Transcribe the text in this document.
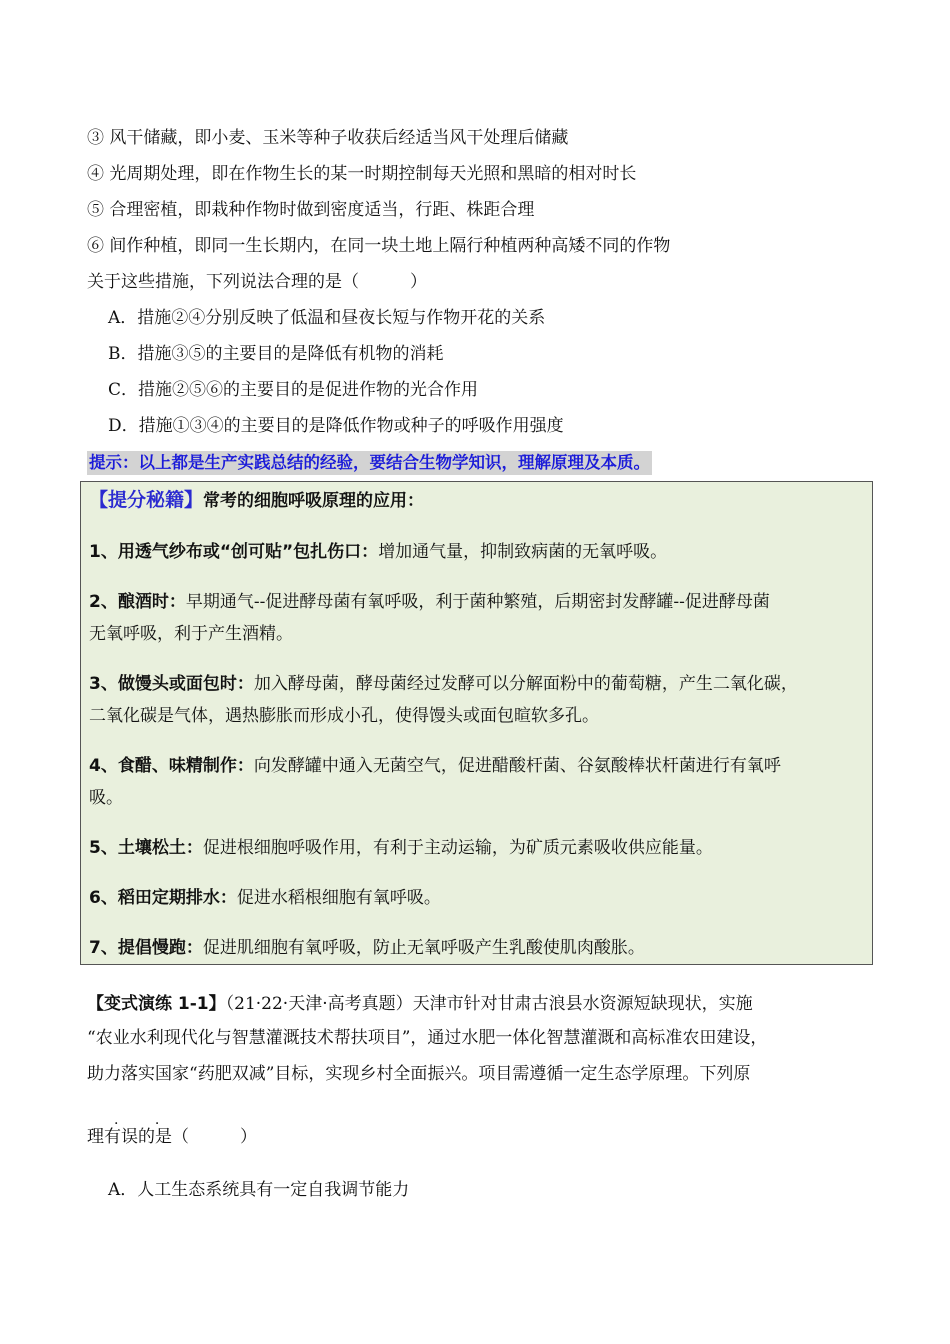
③ 风干储藏，即小麦、玉米等种子收获后经适当风干处理后储藏
④ 光周期处理，即在作物生长的某一时期控制每天光照和黑暗的相对时长
⑤ 合理密植，即栽种作物时做到密度适当，行距、株距合理
⑥ 间作种植，即同一生长期内，在同一块土地上隔行种植两种高矮不同的作物
关于这些措施，下列说法合理的是（　　　）
A．措施②④分别反映了低温和昼夜长短与作物开花的关系
B．措施③⑤的主要目的是降低有机物的消耗
C．措施②⑤⑥的主要目的是促进作物的光合作用
D．措施①③④的主要目的是降低作物或种子的呼吸作用强度
提示：以上都是生产实践总结的经验，要结合生物学知识，理解原理及本质。
【提分秘籍】常考的细胞呼吸原理的应用：
1、用透气纱布或“创可贴”包扎伤口：增加通气量，抑制致病菌的无氧呼吸。
2、酿酒时：早期通气--促进酵母菌有氧呼吸，利于菌种繁殖，后期密封发酵罐--促进酵母菌
无氧呼吸，利于产生酒精。
3、做馒头或面包时：加入酵母菌，酵母菌经过发酵可以分解面粉中的葡萄糖，产生二氧化碳，
二氧化碳是气体，遇热膨胀而形成小孔，使得馒头或面包暄软多孔。
4、食醋、味精制作：向发酵罐中通入无菌空气，促进醋酸杆菌、谷氨酸棒状杆菌进行有氧呼
吸。
5、土壤松土：促进根细胞呼吸作用，有利于主动运输，为矿质元素吸收供应能量。
6、稻田定期排水：促进水稻根细胞有氧呼吸。
7、提倡慢跑：促进肌细胞有氧呼吸，防止无氧呼吸产生乳酸使肌肉酸胀。
【变式演练 1-1】（21·22·天津·高考真题）天津市针对甘肃古浪县水资源短缺现状，实施
“农业水利现代化与智慧灌溉技术帮扶项目”，通过水肥一体化智慧灌溉和高标准农田建设，
助力落实国家“药肥双减”目标，实现乡村全面振兴。项目需遵循一定生态学原理。下列原
. .
理有误的是（　　　）
A．人工生态系统具有一定自我调节能力
